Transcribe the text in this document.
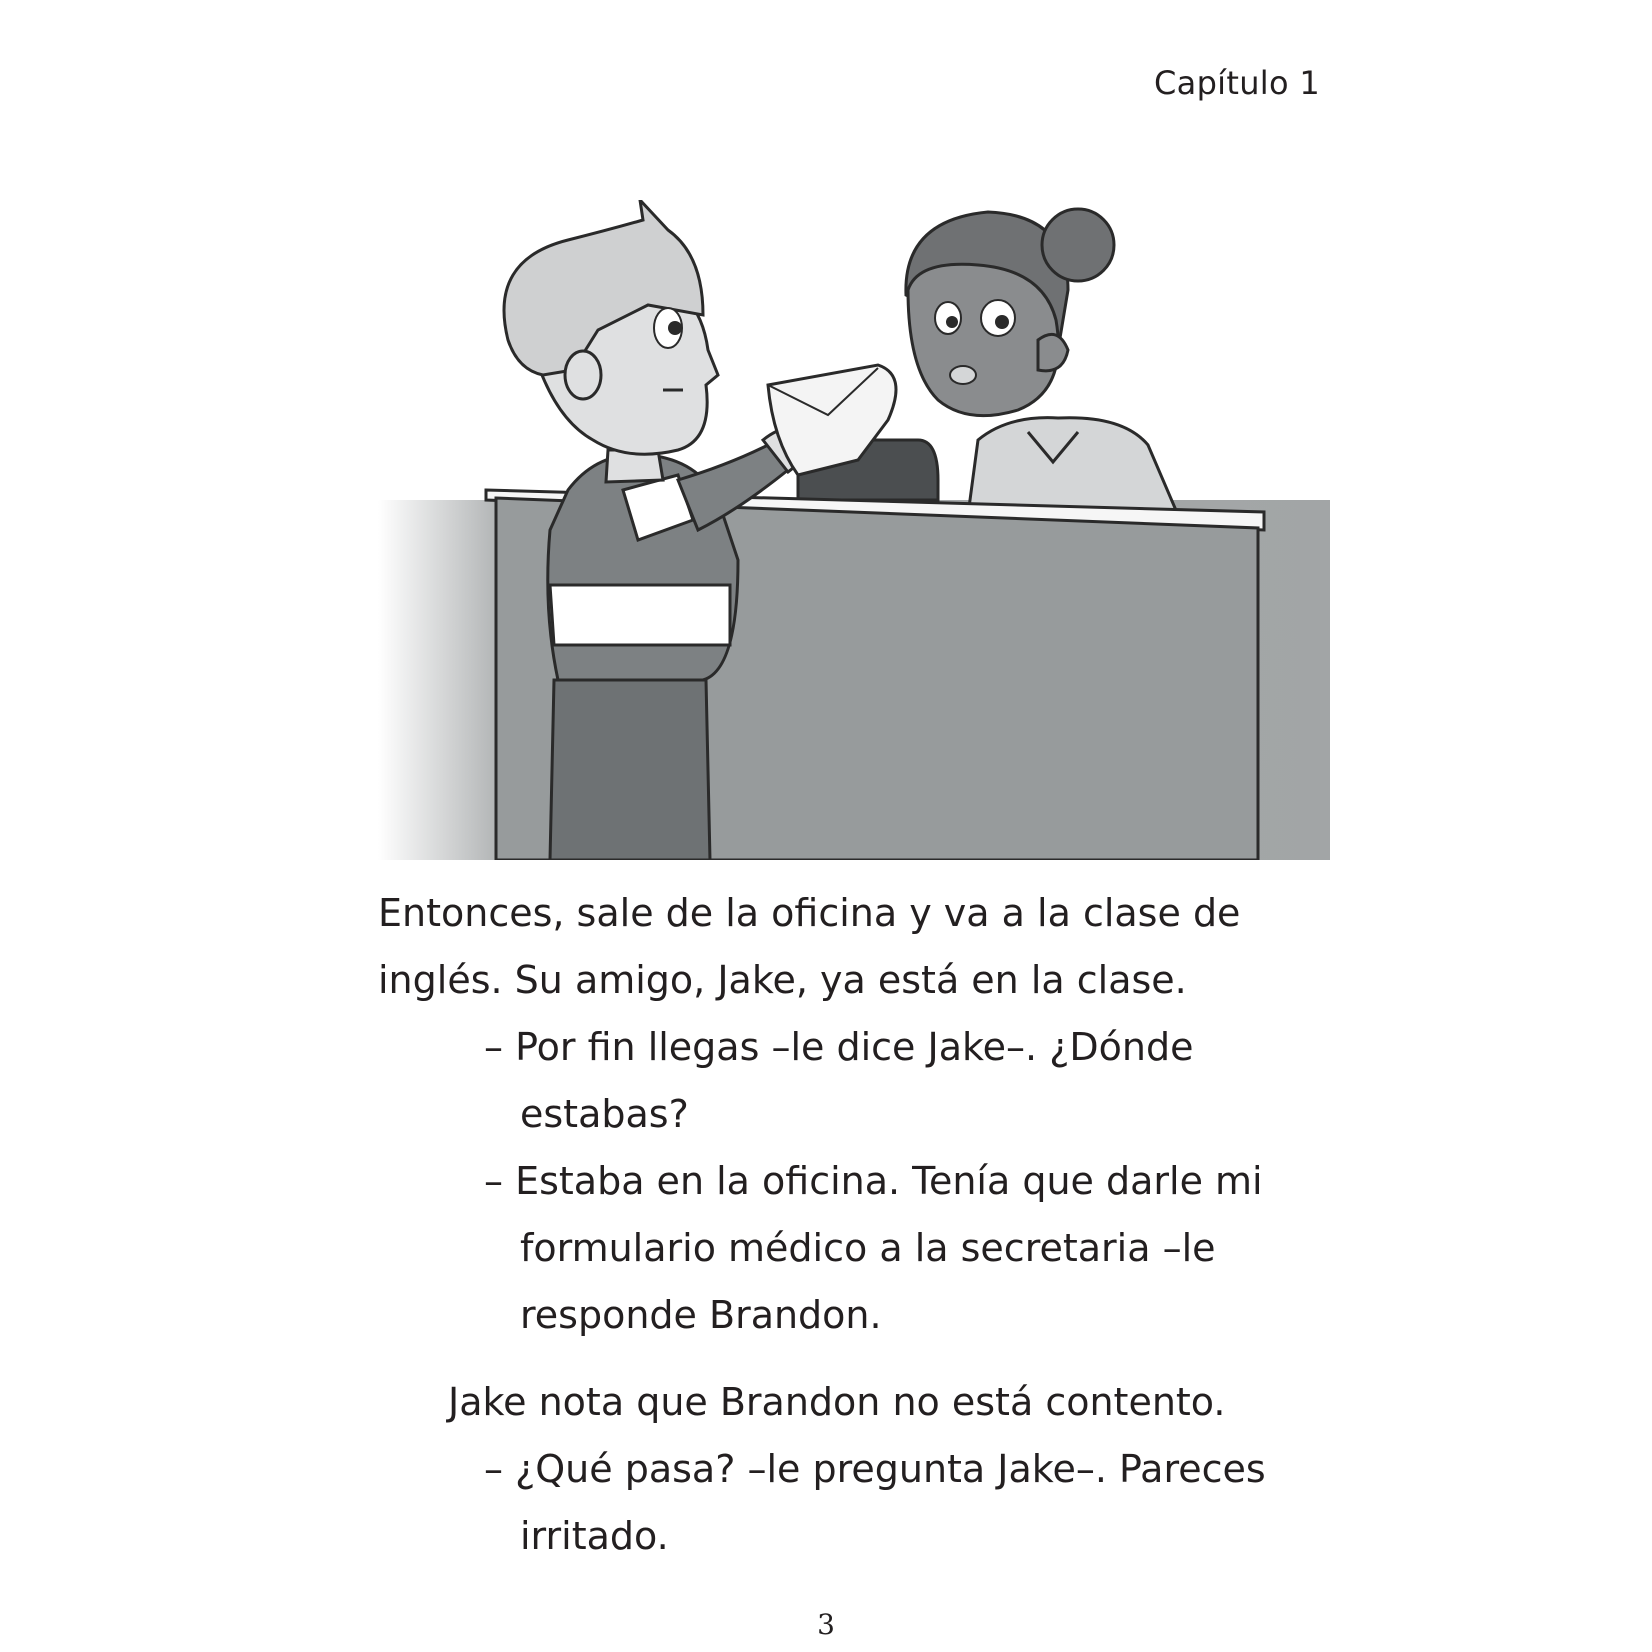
Capítulo 1

Entonces, sale de la oficina y va a la clase de inglés. Su amigo, Jake, ya está en la clase.

– Por fin llegas –le dice Jake–. ¿Dónde estabas?

– Estaba en la oficina. Tenía que darle mi formulario médico a la secretaria –le responde Brandon.

Jake nota que Brandon no está contento.

– ¿Qué pasa? –le pregunta Jake–. Pareces irritado.

3
